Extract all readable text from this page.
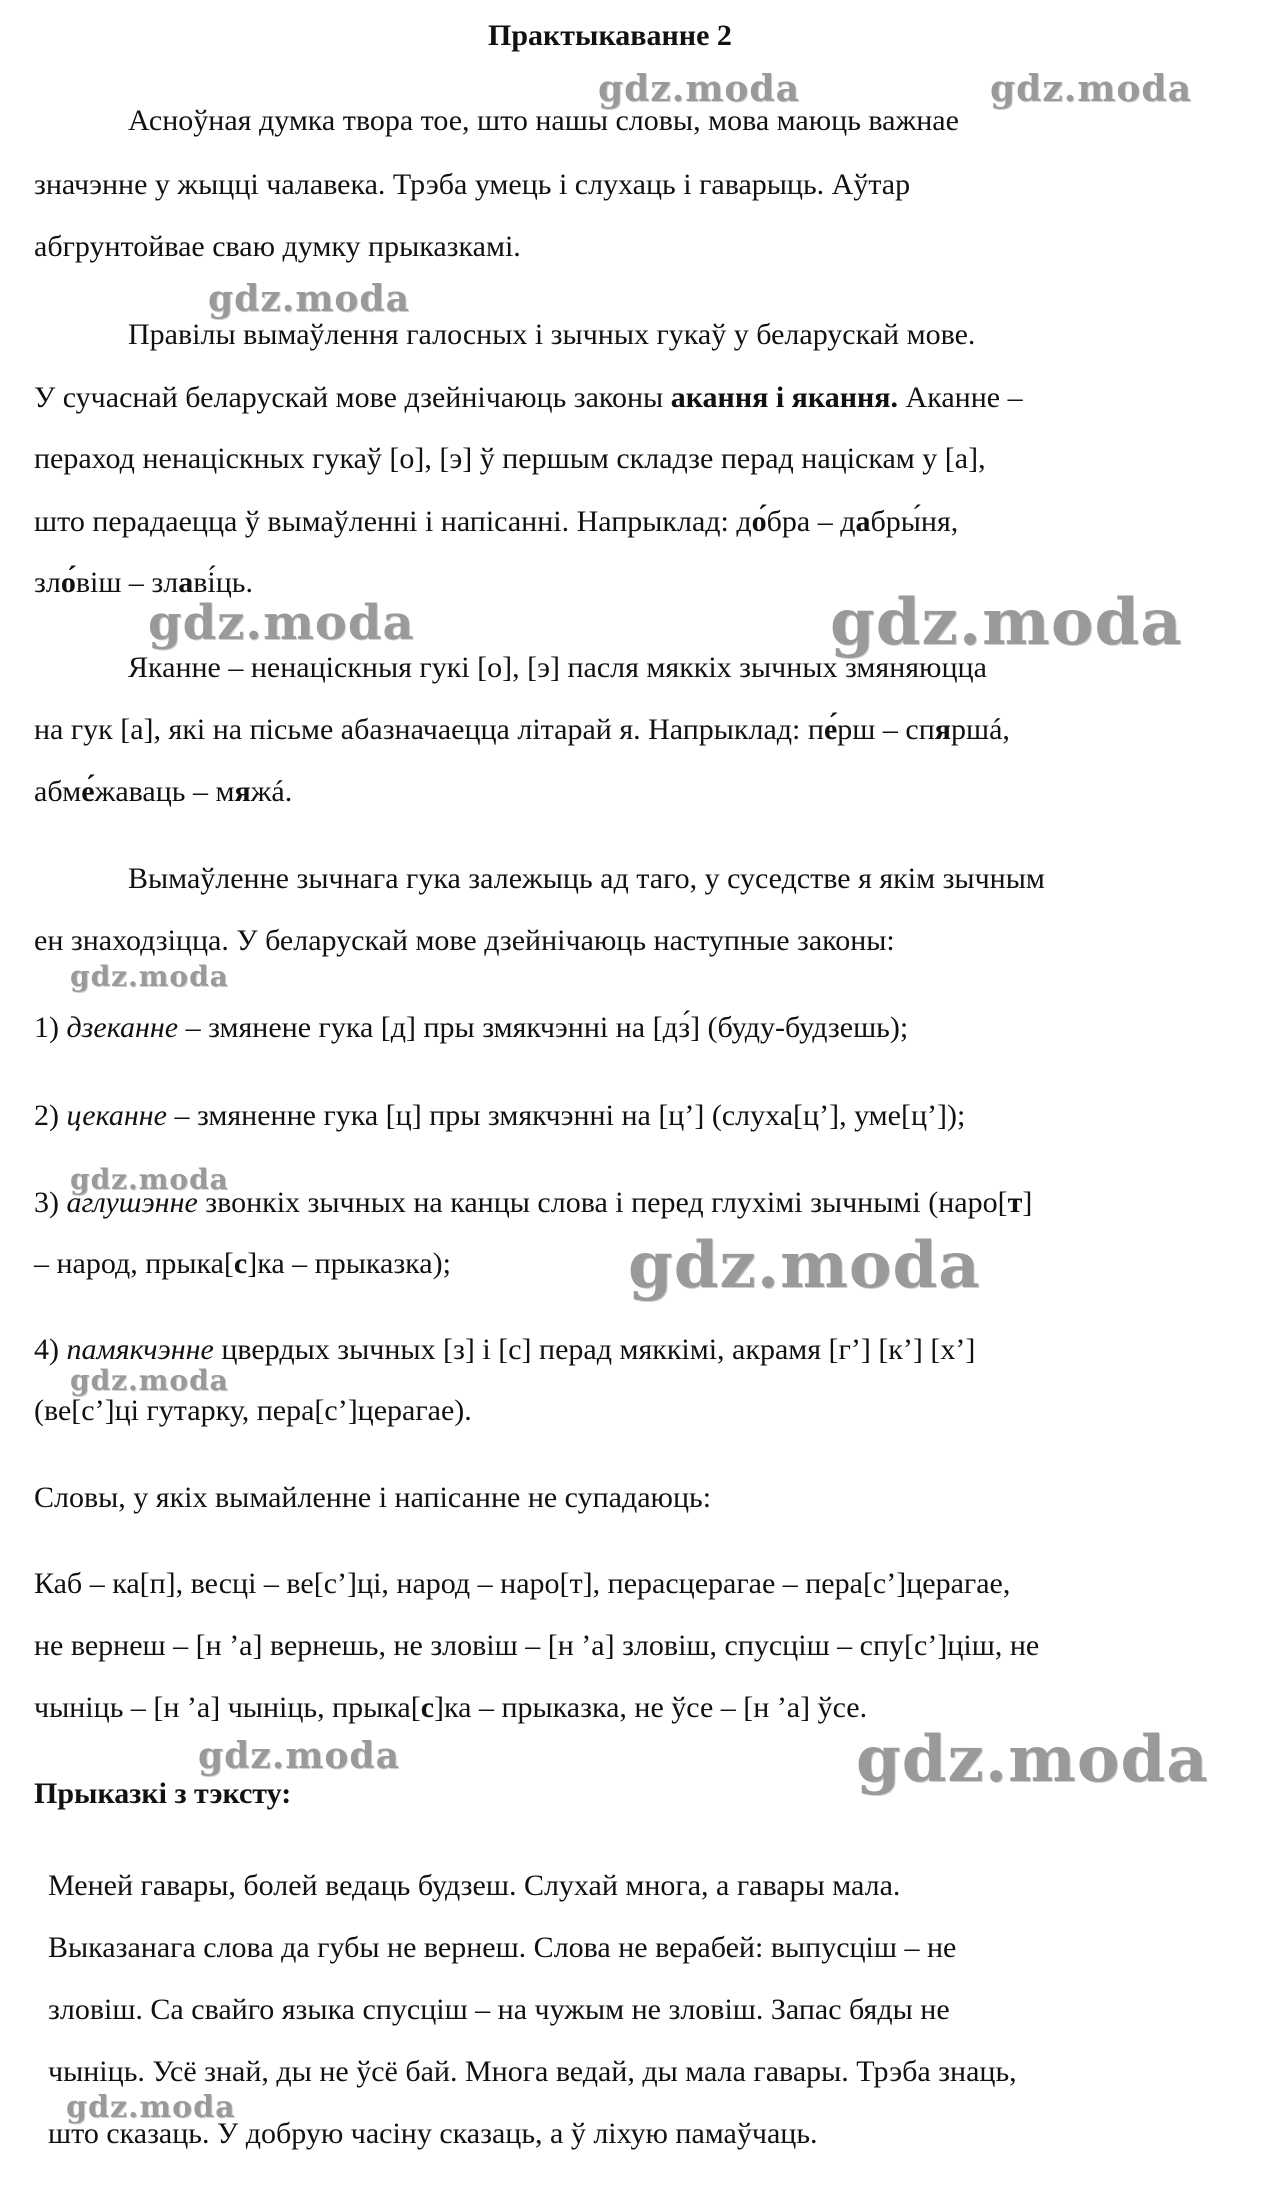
gdz.moda	gdz.moda
gdz.moda
gdz.moda
gdz.moda
gdz.moda
gdz.moda
gdz.moda
gdz.moda
gdz.moda	gdz.moda
gdz.moda
Практыкаванне 2
Асноўная думка твора тое, што нашы словы, мова маюць важнае
значэнне у жыцці чалавека. Трэба умець і слухаць і гаварыць. Аўтар
абгрунтойвае сваю думку прыказкамі.
Правілы вымаўлення галосных і зычных гукаў у беларускай мове.
У сучаснай беларускай мове дзейнічаюць законы акання і якання. Аканне –
пераход ненаціскных гукаў [о], [э] ў першым складзе перад націскам у [а],
што перадаецца ў вымаўленні і напісанні. Напрыклад: до́бра – дабры́ня,
зло́віш – злаві́ць.
Яканне – ненаціскныя гукі [о], [э] пасля мяккіх зычных змяняюцца
на гук [а], які на пісьме абазначаецца літарай я. Напрыклад: пе́рш – спяршá,
абме́жаваць – мяжá.
Вымаўленне зычнага гука залежыць ад таго, у суседстве я якім зычным
ен знаходзіцца. У беларускай мове дзейнічаюць наступные законы:
1) дзеканне – змянене гука [д] пры змякчэнні на [дз́] (буду-будзешь);
2) цеканне – змяненне гука [ц] пры змякчэнні на [ц’] (слуха[ц’], уме[ц’]);
3) аглушэнне звонкіх зычных на канцы слова і перед глухімі зычнымі (наро[т]
– народ, прыка[с]ка – прыказка);
4) памякчэнне цвердых зычных [з] і [с] перад мяккімі, акрамя [г’] [к’] [х’]
(ве[с’]ці гутарку, пера[с’]церагае).
Словы, у якіх вымайленне і напісанне не супадаюць:
Каб – ка[п], весці – ве[с’]ці, народ – наро[т], перасцерагае – пера[с’]церагае,
не вернеш – [н ’а] вернешь, не зловіш – [н ’а] зловіш, спусціш – спу[с’]ціш, не
чыніць – [н ’а] чыніць, прыка[с]ка – прыказка, не ўсе – [н ’а] ўсе.
Прыказкі з тэксту:
Меней гавары, болей ведаць будзеш. Слухай многа, а гавары мала.
Выказанага слова да губы не вернеш. Слова не верабей: выпусціш – не
зловіш. Са свайго языка спусціш – на чужым не зловіш. Запас бяды не
чыніць. Усё знай, ды не ўсё бай. Многа ведай, ды мала гавары. Трэба знаць,
што сказаць. У добрую часіну сказаць, а ў ліхую памаўчаць.
